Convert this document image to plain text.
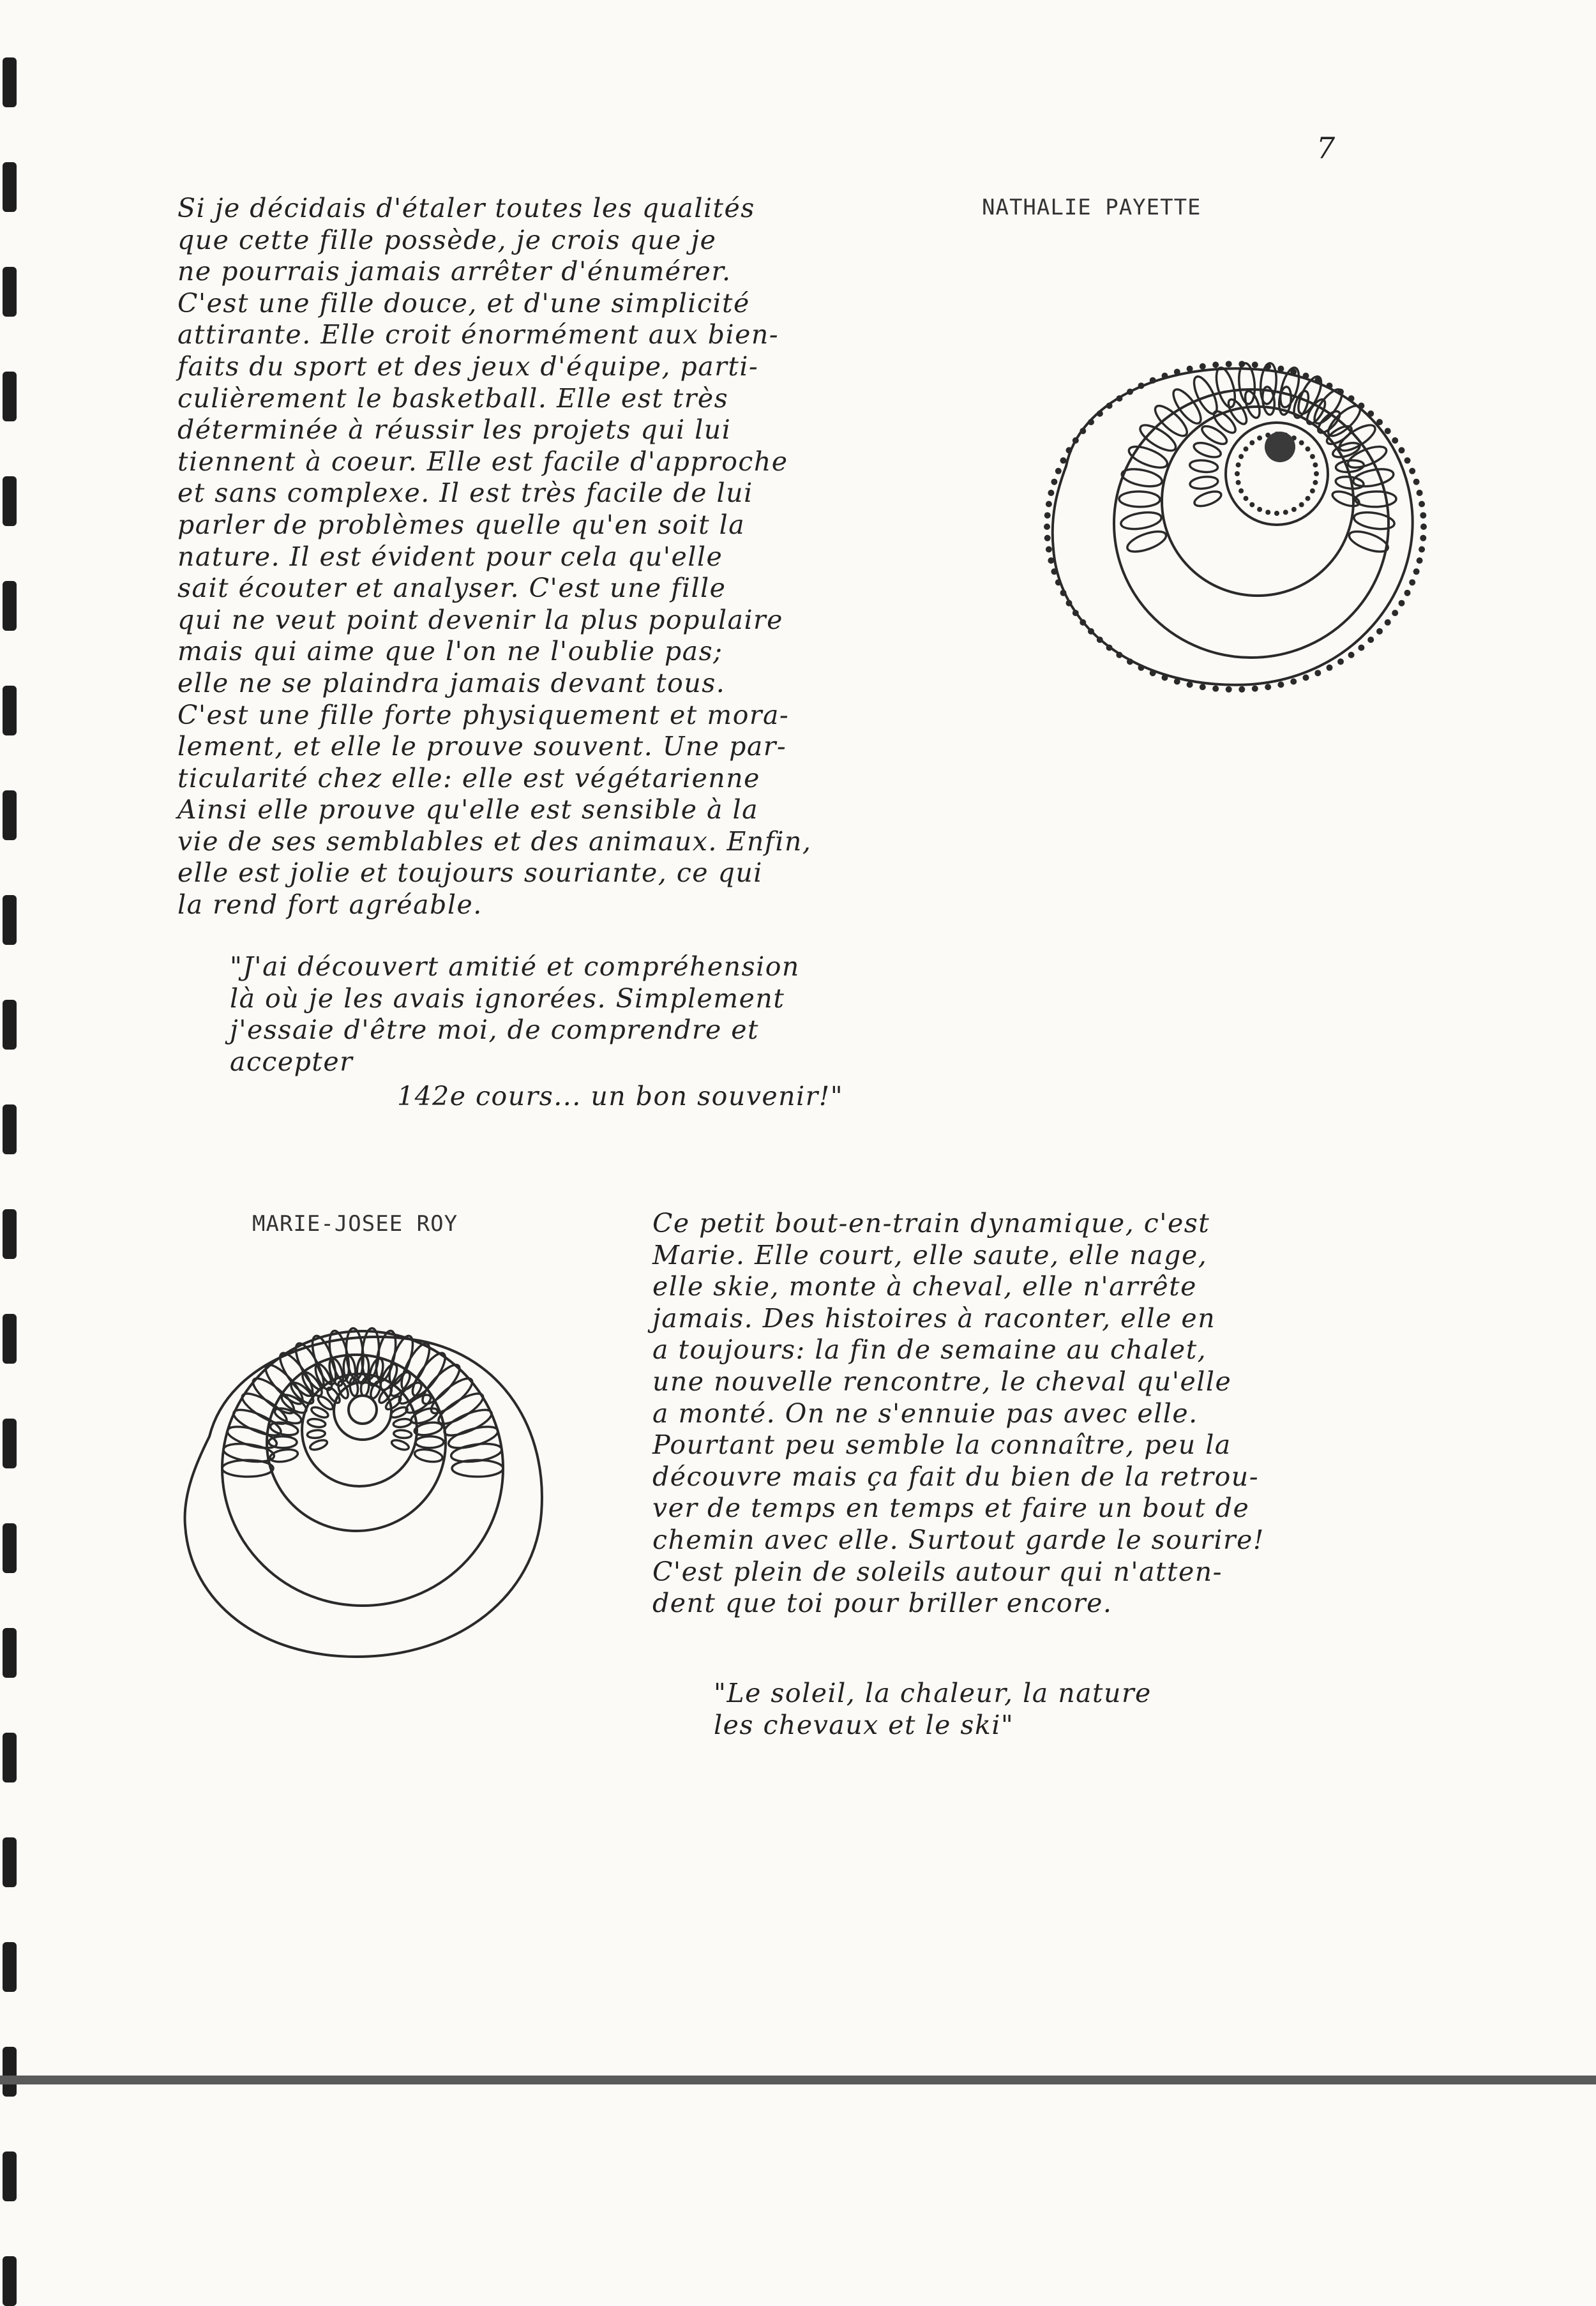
7
NATHALIE PAYETTE
Si je décidais d'étaler toutes les qualités
que cette fille possède, je crois que je
ne pourrais jamais arrêter d'énumérer.
C'est une fille douce, et d'une simplicité
attirante. Elle croit énormément aux bien-
faits du sport et des jeux d'équipe, parti-
culièrement le basketball. Elle est très
déterminée à réussir les projets qui lui
tiennent à coeur. Elle est facile d'approche
et sans complexe. Il est très facile de lui
parler de problèmes quelle qu'en soit la
nature. Il est évident pour cela qu'elle
sait écouter et analyser. C'est une fille
qui ne veut point devenir la plus populaire
mais qui aime que l'on ne l'oublie pas;
elle ne se plaindra jamais devant tous.
C'est une fille forte physiquement et mora-
lement, et elle le prouve souvent. Une par-
ticularité chez elle: elle est végétarienne
Ainsi elle prouve qu'elle est sensible à la
vie de ses semblables et des animaux. Enfin,
elle est jolie et toujours souriante, ce qui
la rend fort agréable.
"J'ai découvert amitié et compréhension
là où je les avais ignorées. Simplement
j'essaie d'être moi, de comprendre et
accepter
142e cours... un bon souvenir!"
MARIE-JOSEE ROY	Ce petit bout-en-train dynamique, c'est
Marie. Elle court, elle saute, elle nage,
elle skie, monte à cheval, elle n'arrête
jamais. Des histoires à raconter, elle en
a toujours: la fin de semaine au chalet,
une nouvelle rencontre, le cheval qu'elle
a monté. On ne s'ennuie pas avec elle.
Pourtant peu semble la connaître, peu la
découvre mais ça fait du bien de la retrou-
ver de temps en temps et faire un bout de
chemin avec elle. Surtout garde le sourire!
C'est plein de soleils autour qui n'atten-
dent que toi pour briller encore.
"Le soleil, la chaleur, la nature
les chevaux et le ski"
